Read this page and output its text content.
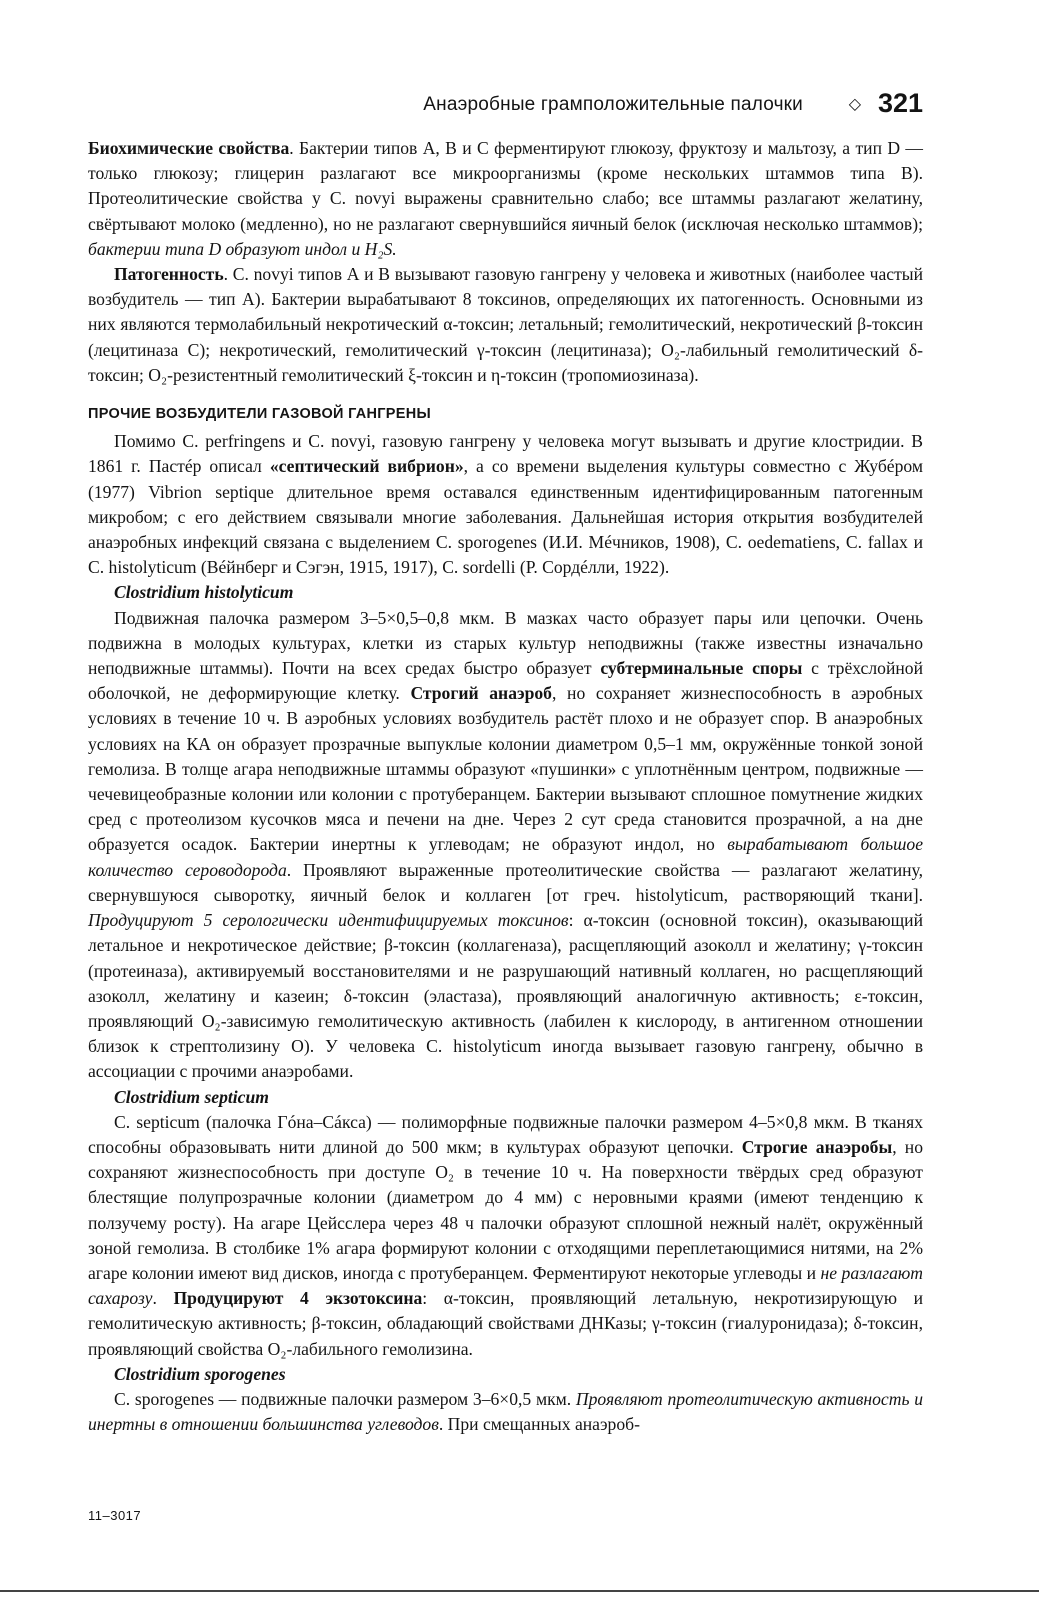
Анаэробные грамположительные палочки	◇ 321

Биохимические свойства. Бактерии типов А, В и С ферментируют глюкозу, фруктозу и мальтозу, а тип D — только глюкозу; глицерин разлагают все микроорганизмы (кроме нескольких штаммов типа В). Протеолитические свойства у C. novyi выражены сравнительно слабо; все штаммы разлагают желатину, свёртывают молоко (медленно), но не разлагают свернувшийся яичный белок (исключая несколько штаммов); бактерии типа D образуют индол и H₂S.

Патогенность. C. novyi типов А и В вызывают газовую гангрену у человека и животных (наиболее частый возбудитель — тип А). Бактерии вырабатывают 8 токсинов, определяющих их патогенность. Основными из них являются термолабильный некротический α-токсин; летальный; гемолитический, некротический β-токсин (лецитиназа С); некротический, гемолитический γ-токсин (лецитиназа); O₂-лабильный гемолитический δ-токсин; O₂-резистентный гемолитический ξ-токсин и η-токсин (тропомиозиназа).

ПРОЧИЕ ВОЗБУДИТЕЛИ ГАЗОВОЙ ГАНГРЕНЫ

Помимо C. perfringens и C. novyi, газовую гангрену у человека могут вызывать и другие клостридии. В 1861 г. Пастéр описал «септический вибрион», а со времени выделения культуры совместно с Жубéром (1977) Vibrion septique длительное время оставался единственным идентифицированным патогенным микробом; с его действием связывали многие заболевания. Дальнейшая история открытия возбудителей анаэробных инфекций связана с выделением C. sporogenes (И.И. Мéчников, 1908), C. oedematiens, C. fallax и C. histolyticum (Вéйнберг и Сэгэн, 1915, 1917), C. sordelli (Р. Сордéлли, 1922).

Clostridium histolyticum

Подвижная палочка размером 3–5×0,5–0,8 мкм. В мазках часто образует пары или цепочки. Очень подвижна в молодых культурах, клетки из старых культур неподвижны (также известны изначально неподвижные штаммы). Почти на всех средах быстро образует субтерминальные споры с трёхслойной оболочкой, не деформирующие клетку. Строгий анаэроб, но сохраняет жизнеспособность в аэробных условиях в течение 10 ч. В аэробных условиях возбудитель растёт плохо и не образует спор. В анаэробных условиях на КА он образует прозрачные выпуклые колонии диаметром 0,5–1 мм, окружённые тонкой зоной гемолиза. В толще агара неподвижные штаммы образуют «пушинки» с уплотнённым центром, подвижные — чечевицеобразные колонии или колонии с протуберанцем. Бактерии вызывают сплошное помутнение жидких сред с протеолизом кусочков мяса и печени на дне. Через 2 сут среда становится прозрачной, а на дне образуется осадок. Бактерии инертны к углеводам; не образуют индол, но вырабатывают большое количество сероводорода. Проявляют выраженные протеолитические свойства — разлагают желатину, свернувшуюся сыворотку, яичный белок и коллаген [от греч. histolyticum, растворяющий ткани]. Продуцируют 5 серологически идентифицируемых токсинов: α-токсин (основной токсин), оказывающий летальное и некротическое действие; β-токсин (коллагеназа), расщепляющий азоколл и желатину; γ-токсин (протеиназа), активируемый восстановителями и не разрушающий нативный коллаген, но расщепляющий азоколл, желатину и казеин; δ-токсин (эластаза), проявляющий аналогичную активность; ε-токсин, проявляющий O₂-зависимую гемолитическую активность (лабилен к кислороду, в антигенном отношении близок к стрептолизину О). У человека C. histolyticum иногда вызывает газовую гангрену, обычно в ассоциации с прочими анаэробами.

Clostridium septicum

C. septicum (палочка Гóна–Сáкса) — полиморфные подвижные палочки размером 4–5×0,8 мкм. В тканях способны образовывать нити длиной до 500 мкм; в культурах образуют цепочки. Строгие анаэробы, но сохраняют жизнеспособность при доступе O₂ в течение 10 ч. На поверхности твёрдых сред образуют блестящие полупрозрачные колонии (диаметром до 4 мм) с неровными краями (имеют тенденцию к ползучему росту). На агаре Цейсслера через 48 ч палочки образуют сплошной нежный налёт, окружённый зоной гемолиза. В столбике 1% агара формируют колонии с отходящими переплетающимися нитями, на 2% агаре колонии имеют вид дисков, иногда с протуберанцем. Ферментируют некоторые углеводы и не разлагают сахарозу. Продуцируют 4 экзотоксина: α-токсин, проявляющий летальную, некротизирующую и гемолитическую активность; β-токсин, обладающий свойствами ДНКазы; γ-токсин (гиалуронидаза); δ-токсин, проявляющий свойства O₂-лабильного гемолизина.

Clostridium sporogenes

C. sporogenes — подвижные палочки размером 3–6×0,5 мкм. Проявляют протеолитическую активность и инертны в отношении большинства углеводов. При смещанных анаэроб-

11–3017
